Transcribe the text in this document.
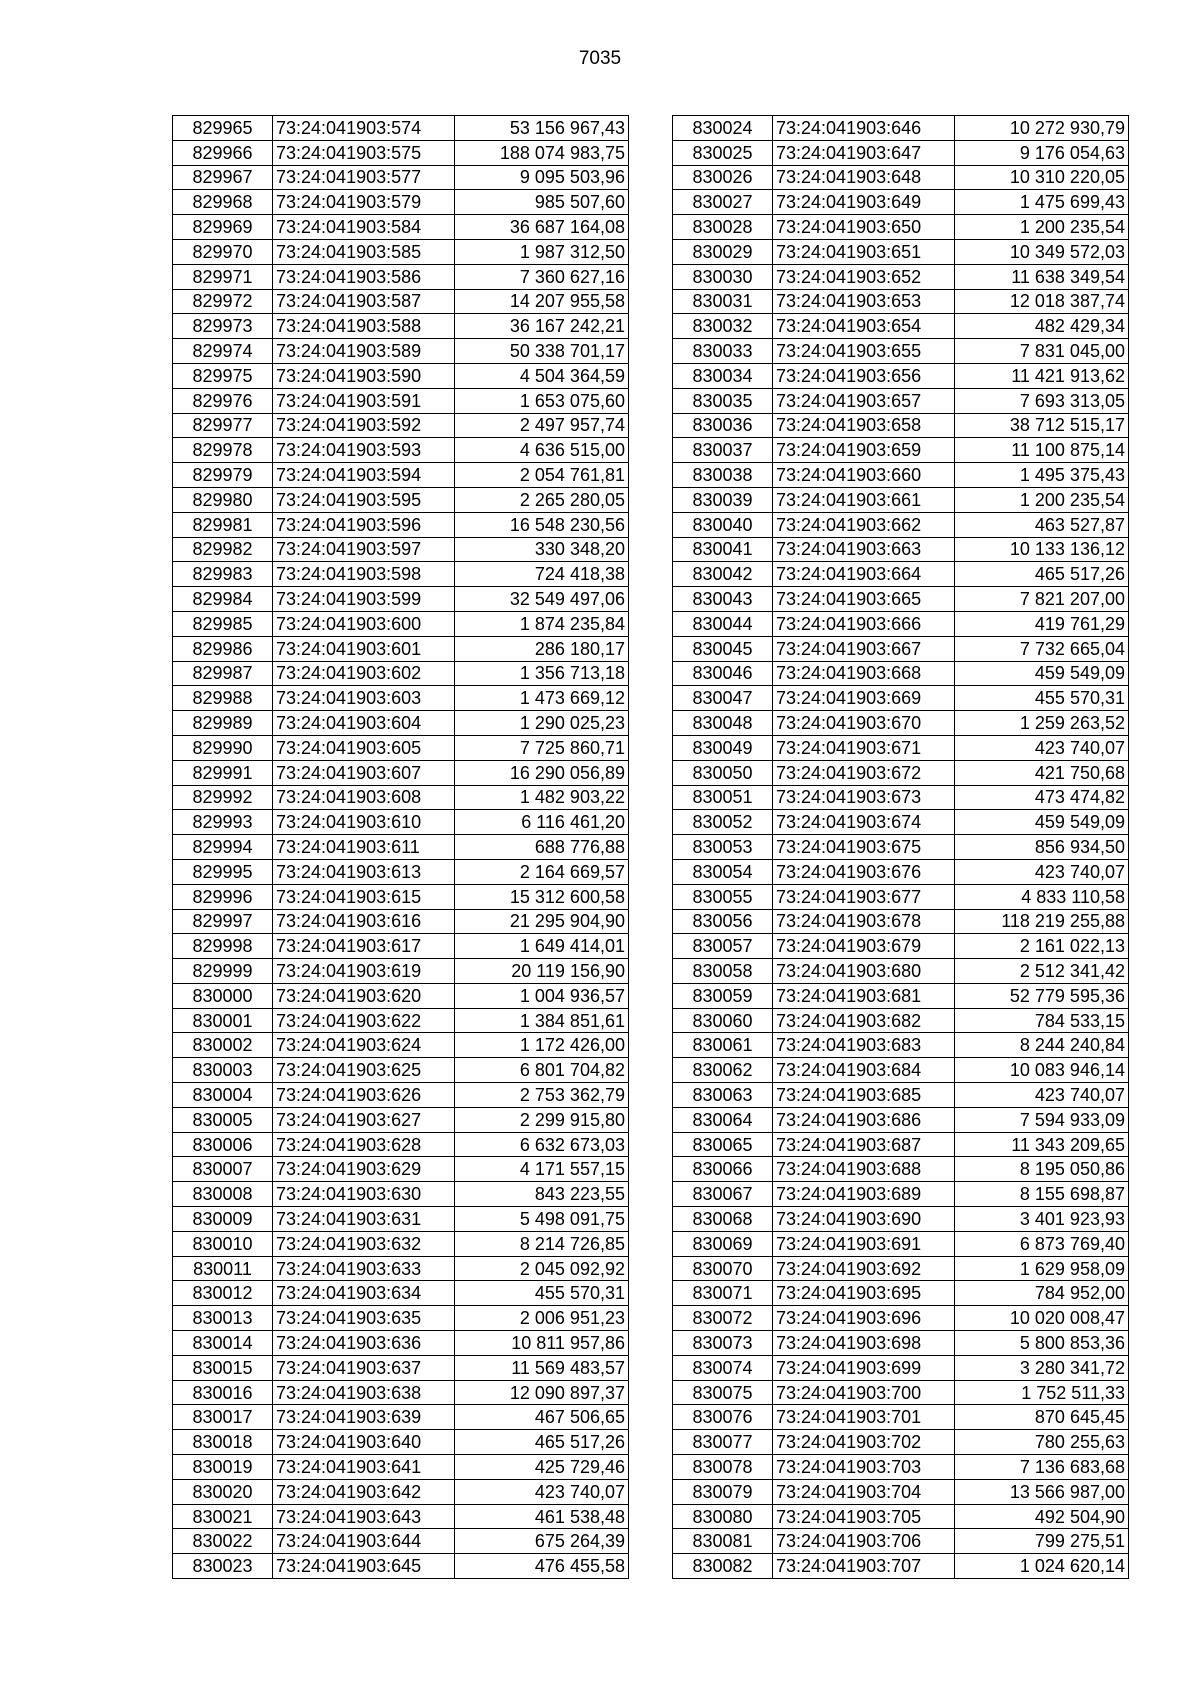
7035
829965	73:24:041903:574	53 156 967,43
829966	73:24:041903:575	188 074 983,75
829967	73:24:041903:577	9 095 503,96
829968	73:24:041903:579	985 507,60
829969	73:24:041903:584	36 687 164,08
829970	73:24:041903:585	1 987 312,50
829971	73:24:041903:586	7 360 627,16
829972	73:24:041903:587	14 207 955,58
829973	73:24:041903:588	36 167 242,21
829974	73:24:041903:589	50 338 701,17
829975	73:24:041903:590	4 504 364,59
829976	73:24:041903:591	1 653 075,60
829977	73:24:041903:592	2 497 957,74
829978	73:24:041903:593	4 636 515,00
829979	73:24:041903:594	2 054 761,81
829980	73:24:041903:595	2 265 280,05
829981	73:24:041903:596	16 548 230,56
829982	73:24:041903:597	330 348,20
829983	73:24:041903:598	724 418,38
829984	73:24:041903:599	32 549 497,06
829985	73:24:041903:600	1 874 235,84
829986	73:24:041903:601	286 180,17
829987	73:24:041903:602	1 356 713,18
829988	73:24:041903:603	1 473 669,12
829989	73:24:041903:604	1 290 025,23
829990	73:24:041903:605	7 725 860,71
829991	73:24:041903:607	16 290 056,89
829992	73:24:041903:608	1 482 903,22
829993	73:24:041903:610	6 116 461,20
829994	73:24:041903:611	688 776,88
829995	73:24:041903:613	2 164 669,57
829996	73:24:041903:615	15 312 600,58
829997	73:24:041903:616	21 295 904,90
829998	73:24:041903:617	1 649 414,01
829999	73:24:041903:619	20 119 156,90
830000	73:24:041903:620	1 004 936,57
830001	73:24:041903:622	1 384 851,61
830002	73:24:041903:624	1 172 426,00
830003	73:24:041903:625	6 801 704,82
830004	73:24:041903:626	2 753 362,79
830005	73:24:041903:627	2 299 915,80
830006	73:24:041903:628	6 632 673,03
830007	73:24:041903:629	4 171 557,15
830008	73:24:041903:630	843 223,55
830009	73:24:041903:631	5 498 091,75
830010	73:24:041903:632	8 214 726,85
830011	73:24:041903:633	2 045 092,92
830012	73:24:041903:634	455 570,31
830013	73:24:041903:635	2 006 951,23
830014	73:24:041903:636	10 811 957,86
830015	73:24:041903:637	11 569 483,57
830016	73:24:041903:638	12 090 897,37
830017	73:24:041903:639	467 506,65
830018	73:24:041903:640	465 517,26
830019	73:24:041903:641	425 729,46
830020	73:24:041903:642	423 740,07
830021	73:24:041903:643	461 538,48
830022	73:24:041903:644	675 264,39
830023	73:24:041903:645	476 455,58
830024	73:24:041903:646	10 272 930,79
830025	73:24:041903:647	9 176 054,63
830026	73:24:041903:648	10 310 220,05
830027	73:24:041903:649	1 475 699,43
830028	73:24:041903:650	1 200 235,54
830029	73:24:041903:651	10 349 572,03
830030	73:24:041903:652	11 638 349,54
830031	73:24:041903:653	12 018 387,74
830032	73:24:041903:654	482 429,34
830033	73:24:041903:655	7 831 045,00
830034	73:24:041903:656	11 421 913,62
830035	73:24:041903:657	7 693 313,05
830036	73:24:041903:658	38 712 515,17
830037	73:24:041903:659	11 100 875,14
830038	73:24:041903:660	1 495 375,43
830039	73:24:041903:661	1 200 235,54
830040	73:24:041903:662	463 527,87
830041	73:24:041903:663	10 133 136,12
830042	73:24:041903:664	465 517,26
830043	73:24:041903:665	7 821 207,00
830044	73:24:041903:666	419 761,29
830045	73:24:041903:667	7 732 665,04
830046	73:24:041903:668	459 549,09
830047	73:24:041903:669	455 570,31
830048	73:24:041903:670	1 259 263,52
830049	73:24:041903:671	423 740,07
830050	73:24:041903:672	421 750,68
830051	73:24:041903:673	473 474,82
830052	73:24:041903:674	459 549,09
830053	73:24:041903:675	856 934,50
830054	73:24:041903:676	423 740,07
830055	73:24:041903:677	4 833 110,58
830056	73:24:041903:678	118 219 255,88
830057	73:24:041903:679	2 161 022,13
830058	73:24:041903:680	2 512 341,42
830059	73:24:041903:681	52 779 595,36
830060	73:24:041903:682	784 533,15
830061	73:24:041903:683	8 244 240,84
830062	73:24:041903:684	10 083 946,14
830063	73:24:041903:685	423 740,07
830064	73:24:041903:686	7 594 933,09
830065	73:24:041903:687	11 343 209,65
830066	73:24:041903:688	8 195 050,86
830067	73:24:041903:689	8 155 698,87
830068	73:24:041903:690	3 401 923,93
830069	73:24:041903:691	6 873 769,40
830070	73:24:041903:692	1 629 958,09
830071	73:24:041903:695	784 952,00
830072	73:24:041903:696	10 020 008,47
830073	73:24:041903:698	5 800 853,36
830074	73:24:041903:699	3 280 341,72
830075	73:24:041903:700	1 752 511,33
830076	73:24:041903:701	870 645,45
830077	73:24:041903:702	780 255,63
830078	73:24:041903:703	7 136 683,68
830079	73:24:041903:704	13 566 987,00
830080	73:24:041903:705	492 504,90
830081	73:24:041903:706	799 275,51
830082	73:24:041903:707	1 024 620,14
